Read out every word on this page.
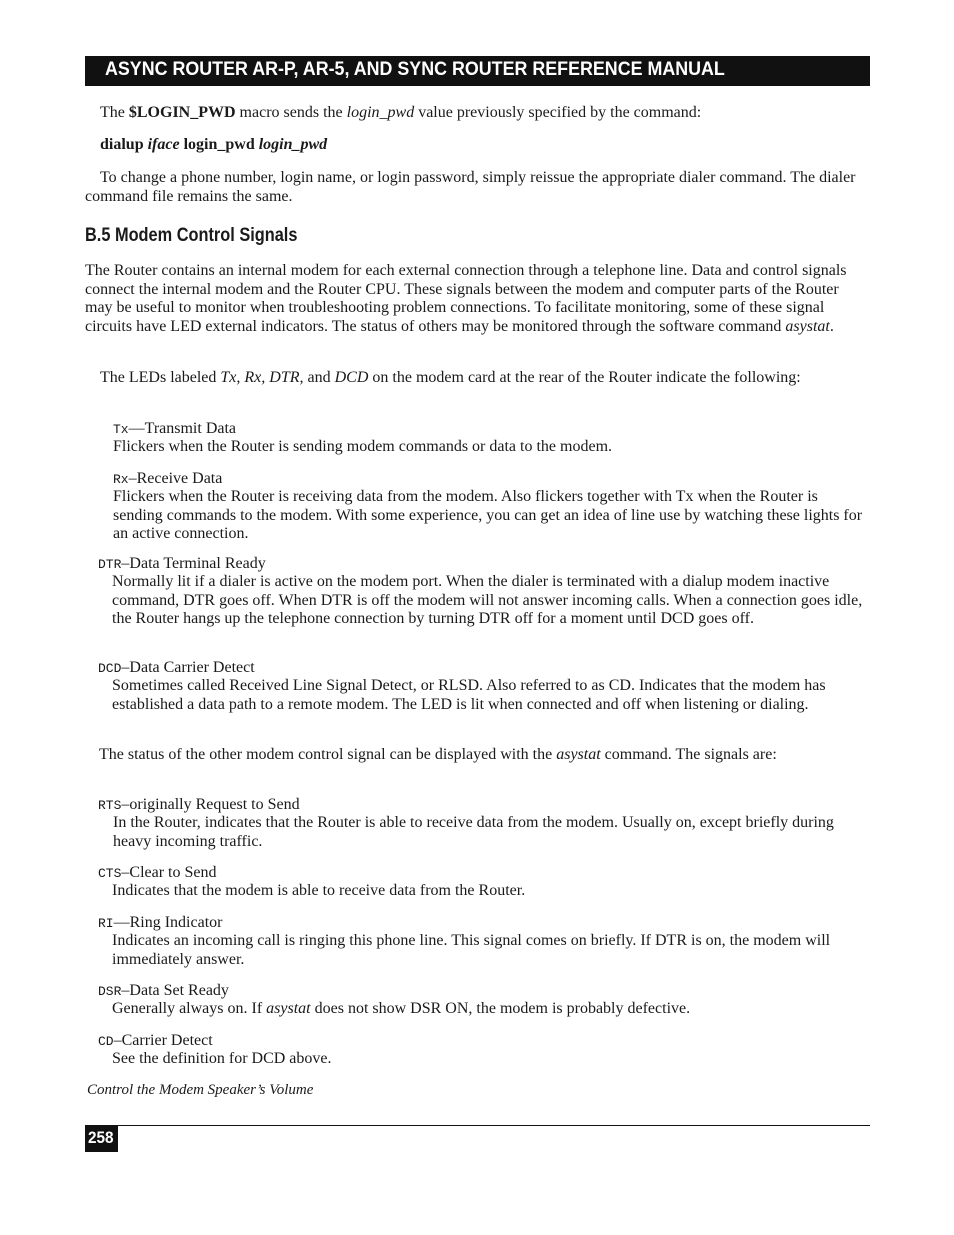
ASYNC ROUTER AR-P, AR-5, AND SYNC ROUTER REFERENCE MANUAL

The $LOGIN_PWD macro sends the login_pwd value previously specified by the command:

dialup iface login_pwd login_pwd

To change a phone number, login name, or login password, simply reissue the appropriate dialer command. The dialer command file remains the same.

B.5 Modem Control Signals

The Router contains an internal modem for each external connection through a telephone line. Data and control signals connect the internal modem and the Router CPU. These signals between the modem and computer parts of the Router may be useful to monitor when troubleshooting problem connections. To facilitate monitoring, some of these signal circuits have LED external indicators. The status of others may be monitored through the software command asystat.

The LEDs labeled Tx, Rx, DTR, and DCD on the modem card at the rear of the Router indicate the following:

Tx—Transmit Data
Flickers when the Router is sending modem commands or data to the modem.
Rx–Receive Data
Flickers when the Router is receiving data from the modem. Also flickers together with Tx when the Router is sending commands to the modem. With some experience, you can get an idea of line use by watching these lights for an active connection.
DTR–Data Terminal Ready
Normally lit if a dialer is active on the modem port. When the dialer is terminated with a dialup modem inactive command, DTR goes off. When DTR is off the modem will not answer incoming calls. When a connection goes idle, the Router hangs up the telephone connection by turning DTR off for a moment until DCD goes off.
DCD–Data Carrier Detect
Sometimes called Received Line Signal Detect, or RLSD. Also referred to as CD. Indicates that the modem has established a data path to a remote modem. The LED is lit when connected and off when listening or dialing.

The status of the other modem control signal can be displayed with the asystat command. The signals are:

RTS–originally Request to Send
In the Router, indicates that the Router is able to receive data from the modem. Usually on, except briefly during heavy incoming traffic.
CTS–Clear to Send
Indicates that the modem is able to receive data from the Router.
RI—Ring Indicator
Indicates an incoming call is ringing this phone line. This signal comes on briefly. If DTR is on, the modem will immediately answer.
DSR–Data Set Ready
Generally always on. If asystat does not show DSR ON, the modem is probably defective.
CD–Carrier Detect
See the definition for DCD above.
Control the Modem Speaker’s Volume
258
